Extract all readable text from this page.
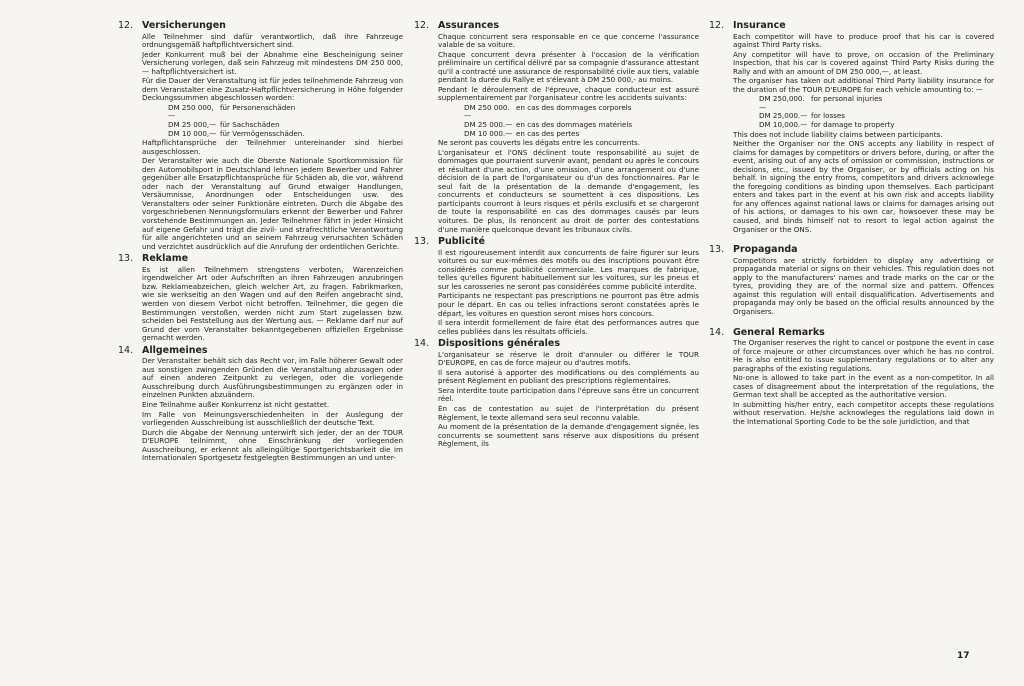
12. Versicherungen

Alle Teilnehmer sind dafür verantwortlich, daß ihre Fahrzeuge ordnungsgemäß haftpflichtversichert sind.

Jeder Konkurrent muß bei der Abnahme eine Bescheinigung seiner Versicherung vorlegen, daß sein Fahrzeug mit mindestens DM 250 000,— haftpflichtversichert ist.

Für die Dauer der Veranstaltung ist für jedes teilnehmende Fahrzeug von dem Veranstalter eine Zusatz-Haftpflichtversicherung in Höhe folgender Deckungssummen abgeschlossen worden:

DM 250 000,—
für Personenschäden
DM 25 000,— für Sachschäden
DM 10 000,— für Vermögensschäden.

Haftpflichtansprüche der Teilnehmer untereinander sind hierbei ausgeschlossen.

Der Veranstalter wie auch die Oberste Nationale Sportkommission für den Automobilsport in Deutschland lehnen jedem Bewerber und Fahrer gegenüber alle Ersatzpflichtansprüche für Schäden ab, die vor, während oder nach der Veranstaltung auf Grund etwaiger Handlungen, Versäumnisse, Anordnungen oder Entscheidungen usw. des Veranstalters oder seiner Funktionäre eintreten. Durch die Abgabe des vorgeschriebenen Nennungsformulars erkennt der Bewerber und Fahrer vorstehende Bestimmungen an. Jeder Teilnehmer fährt in jeder Hinsicht auf eigene Gefahr und trägt die zivil- und strafrechtliche Verantwortung für alle angerichteten und an seinem Fahrzeug verursachten Schäden und verzichtet ausdrücklich auf die Anrufung der ordentlichen Gerichte.

13. Reklame

Es ist allen Teilnehmern strengstens verboten, Warenzeichen irgendwelcher Art oder Aufschriften an ihren Fahrzeugen anzubringen bzw. Reklameabzeichen, gleich welcher Art, zu fragen. Fabrikmarken, wie sie werkseitig an den Wagen und auf den Reifen angebracht sind, werden von diesem Verbot nicht betroffen. Teilnehmer, die gegen die Bestimmungen verstoßen, werden nicht zum Start zugelassen bzw. scheiden bei Feststellung aus der Wertung aus. — Reklame darf nur auf Grund der vom Veranstalter bekanntgegebenen offiziellen Ergebnisse gemacht werden.

14. Allgemeines

Der Veranstalter behält sich das Recht vor, im Falle höherer Gewalt oder aus sonstigen zwingenden Gründen die Veranstaltung abzusagen oder auf einen anderen Zeitpunkt zu verlegen, oder die vorliegende Ausschreibung durch Ausführungsbestimmungen zu ergänzen oder in einzelnen Punkten abzuändern.

Eine Teilnahme außer Konkurrenz ist nicht gestattet.

Im Falle von Meinungsverschiedenheiten in der Auslegung der vorliegenden Ausschreibung ist ausschließlich der deutsche Text.

Durch die Abgabe der Nennung unterwirft sich jeder, der an der TOUR D'EUROPE teilnimmt, ohne Einschränkung der vorliegenden Ausschreibung, er erkennt als alleingültige Sportgerichtsbarkeit die im Internationalen Sportgesetz festgelegten Bestimmungen an und unter-

12. Assurances

Chaque concurrent sera responsable en ce que concerne l'assurance valable de sa voiture.

Chaque concurrent devra présenter à l'occasion de la vérification préliminaire un certifical délivré par sa compagnie d'assurance attestant qu'il a contracté une assurance de responsabilité civile aux tiers, valable pendant la durée du Rallye et s'élevant à DM 250 000,- au moins.

Pendant le déroulement de l'épreuve, chaque conducteur est assuré supplementairement par l'organisateur contre les accidents suivants:

DM 250 000.—
en cas des dommages corporels
DM 25 000.— en cas des dommages matériels
DM 10 000.— en cas des pertes

Ne seront pas couverts les dégats entre les concurrents.

L'organisateur et l'ONS déclinent toute responsabilité au sujet de dommages que pourraient survenir avant, pendant ou après le concours et résultant d'une action, d'une omission, d'une arrangement ou d'une décision de la part de l'organisateur ou d'un des fonctionnaires. Par le seul fait de la présentation de la demande d'engagement, les concurrents et conducteurs se soumettent à ces dispositions. Les participants courront à leurs risques et périls exclusifs et se chargeront de toute la responsabilité en cas des dommages causés par leurs voitures. De plus, ils renoncent au droit de porter des contestations d'une manière quelconque devant les tribunaux civils.

13. Publicité

Il est rigoureusement interdit aux concurrents de faire figurer sur leurs voitures ou sur eux-mêmes des motifs ou des inscriptions pouvant être considérés comme publicité commerciale. Les marques de fabrique, telles qu'elles figurent habituellement sur les voitures, sur les pneus et sur les carosseries ne seront pas considérées comme publicité interdite.

Participants ne respectant pas prescriptions ne pourront pas être admis pour le départ. En cas ou telles infractions seront constatées après le départ, les voitures en question seront mises hors concours.

Il sera interdit formellement de faire état des performances autres que celles publiées dans les résultats officiels.

14. Dispositions générales

L'organisateur se réserve le droit d'annuler ou différer le TOUR D'EUROPE, en cas de force majeur ou d'autres motifs.

Il sera autorisé à apporter des modifications ou des compléments au présent Règlement en publiant des prescriptions règlementaires.

Sera interdite toute participation dans l'épreuve sans être un concurrent réel.

En cas de contestation au sujet de l'interprétation du présent Règlement, le texte allemand sera seul reconnu valable.

Au moment de la présentation de la demande d'engagement signée, les concurrents se soumettent sans réserve aux dispositions du présent Règlement, ils

12. Insurance

Each competitor will have to produce proof that his car is covered against Third Party risks.

Any competitor will have to prove, on occasion of the Preliminary Inspection, that his car is covered against Third Party Risks during the Rally and with an amount of DM 250 000,—, at least.

The organiser has taken out additional Third Party liability insurance for the duration of the TOUR D'EUROPE for each vehicle amounting to: —

DM 250,000.—
for personal injuries
DM 25,000.— for losses
DM 10,000.— for damage to property

This does not include liability claims between participants.

Neither the Organiser nor the ONS accepts any liability in respect of claims for damages by competitors or drivers before, during, or after the event, arising out of any acts of omission or commission, instructions or decisions, etc., issued by the Organiser, or by officials acting on his behalf. In signing the entry froms, competitors and drivers acknowlege the foregoing conditions as binding upon themselves. Each participant enters and takes part in the event at his own risk and accepts liability for any offences against national laws or claims for damages arising out of his actions, or damages to his own car, howsoever these may be caused, and binds himself not to resort to legal action against the Organiser or the ONS.

13. Propaganda

Competitors are strictly forbidden to display any advertising or propaganda material or signs on their vehicles. This regulation does not apply to the manufacturers' names and trade marks on the car or the tyres, providing they are of the normal size and pattern. Offences against this regulation will entail disqualification. Advertisements and propaganda may only be based on the official results announced by the Organisers.

14. General Remarks

The Organiser reserves the right to cancel or postpone the event in case of force majeure or other circumstances over which he has no control. He is also entitled to issue supplementary regulations or to alter any paragraphs of the existing regulations.

No-one is allowed to take part in the event as a non-competitor. In all cases of disagreement about the interpretation of the regulations, the German text shall be accepted as the authoritative version.

In submitting his/her entry, each competitor accepts these regulations without reservation. He/she acknowleges the regulations laid down in the International Sporting Code to be the sole juridiction, and that

17
